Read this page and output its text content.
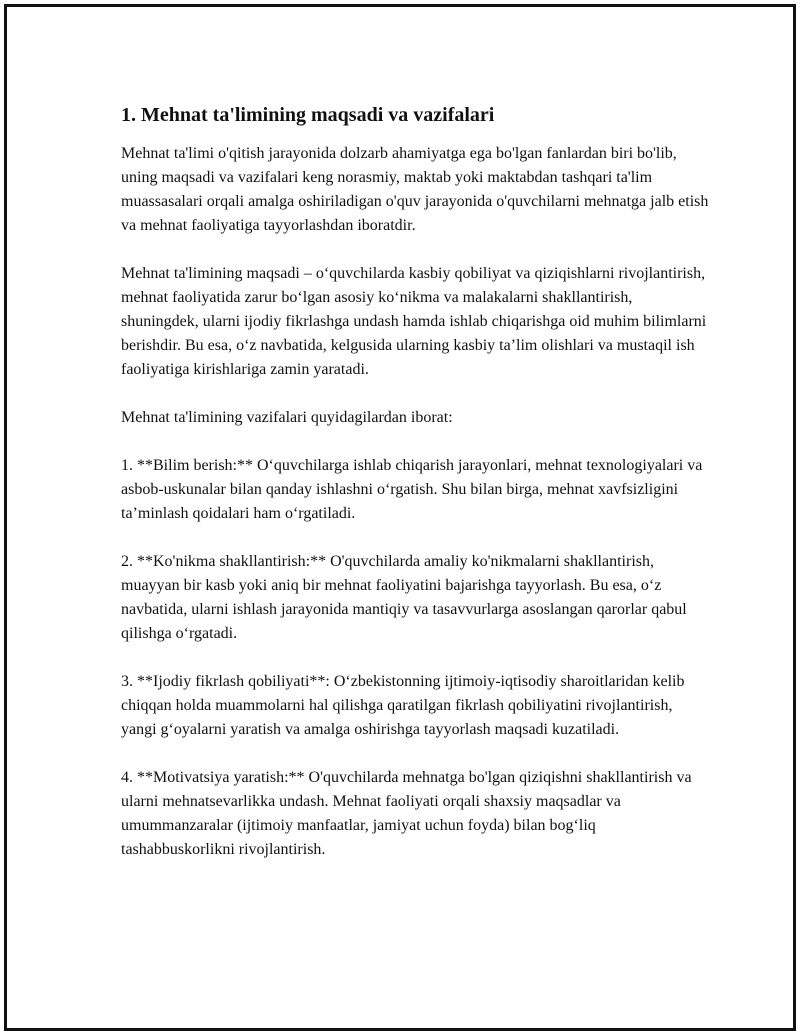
1. Mehnat ta'limining maqsadi va vazifalari

Mehnat ta'limi o'qitish jarayonida dolzarb ahamiyatga ega bo'lgan fanlardan biri bo'lib, uning maqsadi va vazifalari keng norasmiy, maktab yoki maktabdan tashqari ta'lim muassasalari orqali amalga oshiriladigan o'quv jarayonida o'quvchilarni mehnatga jalb etish va mehnat faoliyatiga tayyorlashdan iboratdir.

Mehnat ta'limining maqsadi – o‘quvchilarda kasbiy qobiliyat va qiziqishlarni rivojlantirish, mehnat faoliyatida zarur bo‘lgan asosiy ko‘nikma va malakalarni shakllantirish, shuningdek, ularni ijodiy fikrlashga undash hamda ishlab chiqarishga oid muhim bilimlarni berishdir. Bu esa, o‘z navbatida, kelgusida ularning kasbiy ta’lim olishlari va mustaqil ish faoliyatiga kirishlariga zamin yaratadi.

Mehnat ta'limining vazifalari quyidagilardan iborat:

1. **Bilim berish:** O‘quvchilarga ishlab chiqarish jarayonlari, mehnat texnologiyalari va asbob-uskunalar bilan qanday ishlashni o‘rgatish. Shu bilan birga, mehnat xavfsizligini ta’minlash qoidalari ham o‘rgatiladi.

2. **Ko'nikma shakllantirish:** O'quvchilarda amaliy ko'nikmalarni shakllantirish, muayyan bir kasb yoki aniq bir mehnat faoliyatini bajarishga tayyorlash. Bu esa, o‘z navbatida, ularni ishlash jarayonida mantiqiy va tasavvurlarga asoslangan qarorlar qabul qilishga o‘rgatadi.

3. **Ijodiy fikrlash qobiliyati**: O‘zbekistonning ijtimoiy-iqtisodiy sharoitlaridan kelib chiqqan holda muammolarni hal qilishga qaratilgan fikrlash qobiliyatini rivojlantirish, yangi g‘oyalarni yaratish va amalga oshirishga tayyorlash maqsadi kuzatiladi.

4. **Motivatsiya yaratish:** O'quvchilarda mehnatga bo'lgan qiziqishni shakllantirish va ularni mehnatsevarlikka undash. Mehnat faoliyati orqali shaxsiy maqsadlar va umummanzaralar (ijtimoiy manfaatlar, jamiyat uchun foyda) bilan bog‘liq tashabbuskorlikni rivojlantirish.
